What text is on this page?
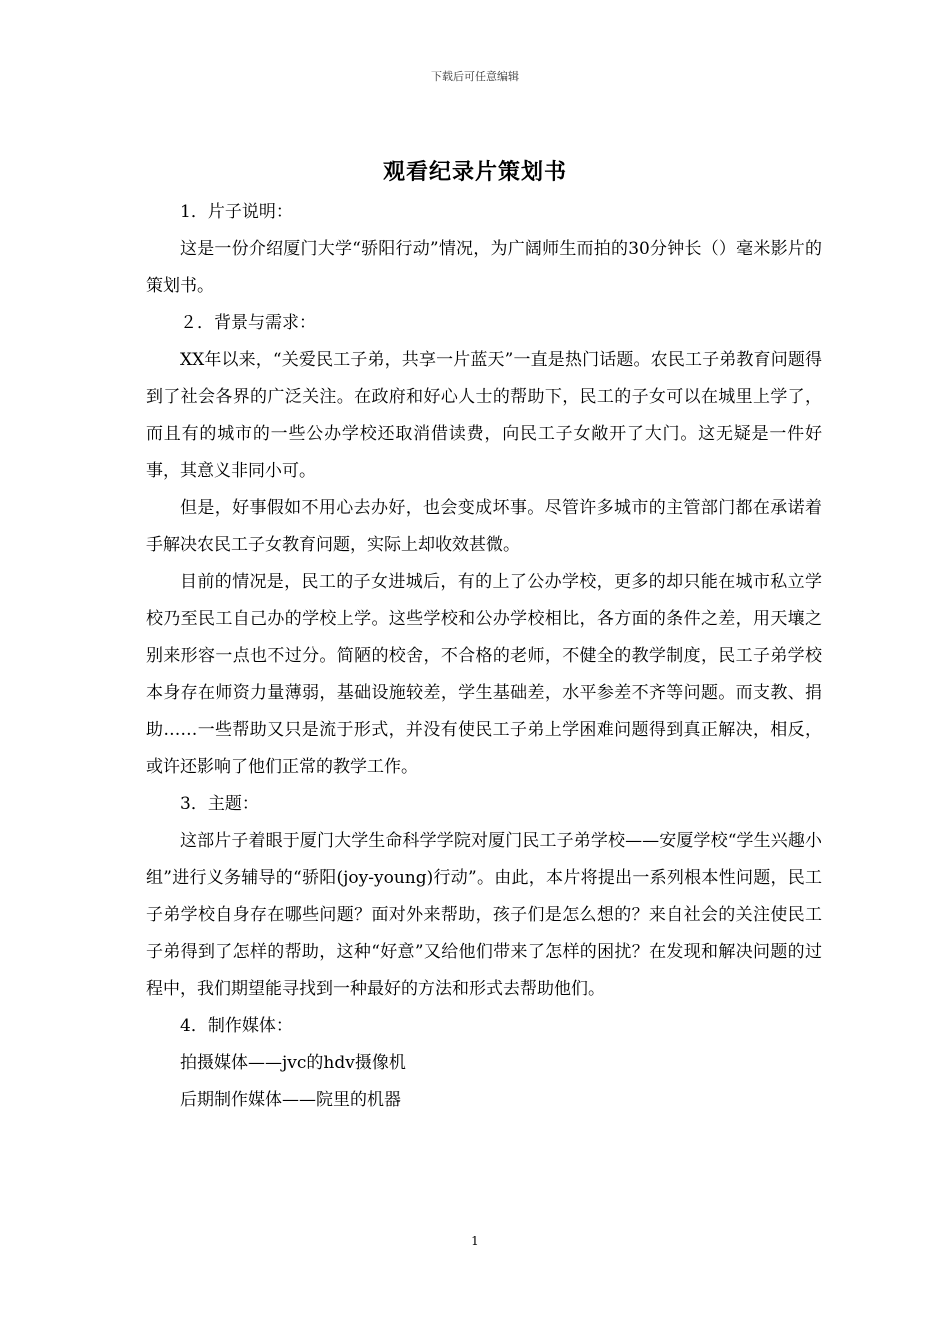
下载后可任意编辑
观看纪录片策划书

1．片子说明：

这是一份介绍厦门大学“骄阳行动”情况，为广阔师生而拍的30分钟长（）毫米影片的策划书。

２．背景与需求：

XX年以来，“关爱民工子弟，共享一片蓝天”一直是热门话题。农民工子弟教育问题得到了社会各界的广泛关注。在政府和好心人士的帮助下，民工的子女可以在城里上学了，而且有的城市的一些公办学校还取消借读费，向民工子女敞开了大门。这无疑是一件好事，其意义非同小可。

但是，好事假如不用心去办好，也会变成坏事。尽管许多城市的主管部门都在承诺着手解决农民工子女教育问题，实际上却收效甚微。

目前的情况是，民工的子女进城后，有的上了公办学校，更多的却只能在城市私立学校乃至民工自己办的学校上学。这些学校和公办学校相比，各方面的条件之差，用天壤之别来形容一点也不过分。简陋的校舍，不合格的老师，不健全的教学制度，民工子弟学校本身存在师资力量薄弱，基础设施较差，学生基础差，水平参差不齐等问题。而支教、捐助……一些帮助又只是流于形式，并没有使民工子弟上学困难问题得到真正解决，相反，或许还影响了他们正常的教学工作。

3．主题：

这部片子着眼于厦门大学生命科学学院对厦门民工子弟学校——安厦学校“学生兴趣小组”进行义务辅导的“骄阳(joy-young)行动”。由此，本片将提出一系列根本性问题，民工子弟学校自身存在哪些问题？面对外来帮助，孩子们是怎么想的？来自社会的关注使民工子弟得到了怎样的帮助，这种“好意”又给他们带来了怎样的困扰？在发现和解决问题的过程中，我们期望能寻找到一种最好的方法和形式去帮助他们。

4．制作媒体：

拍摄媒体——jvc的hdv摄像机

后期制作媒体——院里的机器

1
